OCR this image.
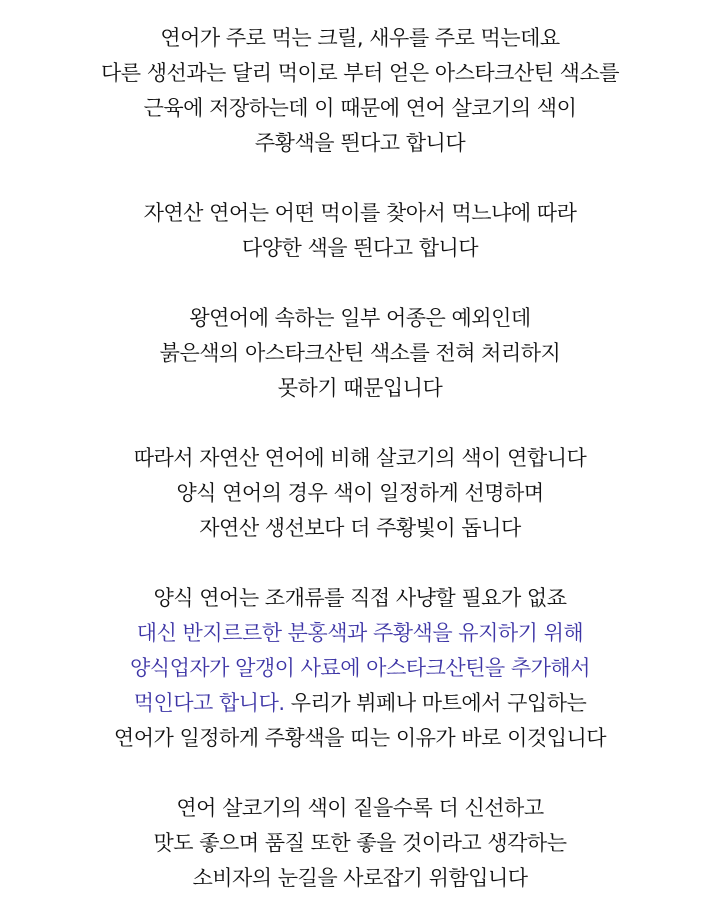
연어가 주로 먹는 크릴, 새우를 주로 먹는데요
다른 생선과는 달리 먹이로 부터 얻은 아스타크산틴 색소를
근육에 저장하는데 이 때문에 연어 살코기의 색이
주황색을 띈다고 합니다
자연산 연어는 어떤 먹이를 찾아서 먹느냐에 따라
다양한 색을 띈다고 합니다
왕연어에 속하는 일부 어종은 예외인데
붉은색의 아스타크산틴 색소를 전혀 처리하지
못하기 때문입니다
따라서 자연산 연어에 비해 살코기의 색이 연합니다
양식 연어의 경우 색이 일정하게 선명하며
자연산 생선보다 더 주황빛이 돕니다
양식 연어는 조개류를 직접 사냥할 필요가 없죠
대신 반지르르한 분홍색과 주황색을 유지하기 위해
양식업자가 알갱이 사료에 아스타크산틴을 추가해서
먹인다고 합니다. 우리가 뷔페나 마트에서 구입하는
연어가 일정하게 주황색을 띠는 이유가 바로 이것입니다
연어 살코기의 색이 짙을수록 더 신선하고
맛도 좋으며 품질 또한 좋을 것이라고 생각하는
소비자의 눈길을 사로잡기 위함입니다
